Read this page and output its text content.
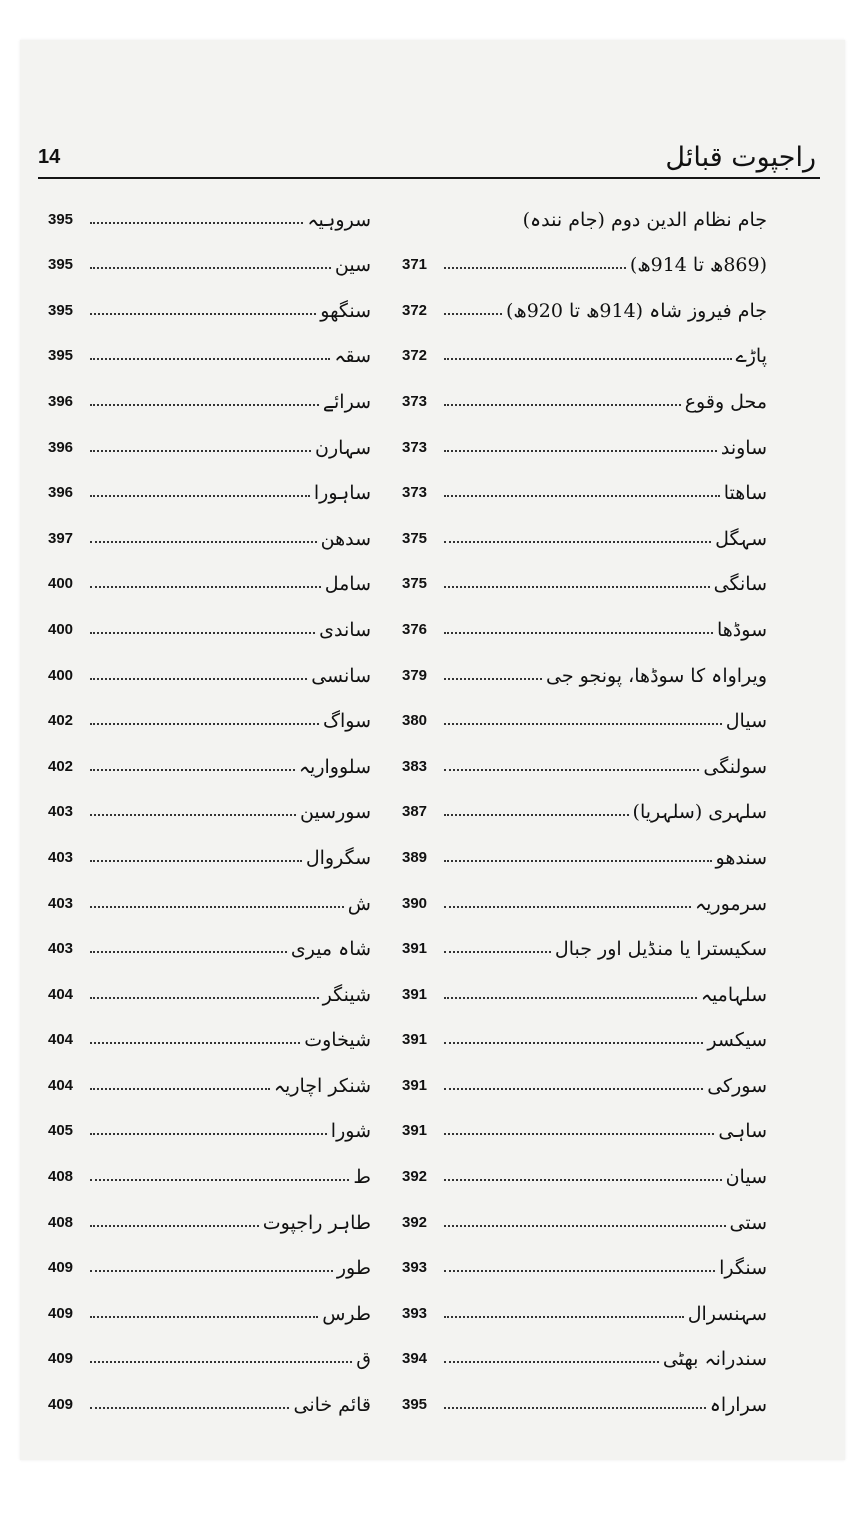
14	راجپوت قبائل
جام نظام الدین دوم (جام نندہ)
371	(869ھ تا 914ھ)
372	جام فیروز شاہ (914ھ تا 920ھ)
372	پاڑے
373	محل وقوع
373	ساوند
373	ساھتا
375	سہگل
375	سانگی
376	سوڈھا
379	ویراواہ کا سوڈھا، پونجو جی
380	سیال
383	سولنگی
387	سلہری (سلہریا)
389	سندھو
390	سرموریہ
391	سکیسترا یا منڈیل اور جبال
391	سلہامیہ
391	سیکسر
391	سورکی
391	ساہی
392	سیان
392	ستی
393	سنگرا
393	سہنسرال
394	سندرانہ بھٹی
395	سراراہ
395	سروہیہ
395	سین
395	سنگھو
395	سقہ
396	سرائے
396	سہارن
396	ساہورا
397	سدھن
400	سامل
400	ساندی
400	سانسی
402	سواگ
402	سلوواریہ
403	سورسین
403	سگروال
403	ش
403	شاہ میری
404	شینگر
404	شیخاوت
404	شنکر اچاریہ
405	شورا
408	ط
408	طاہر راجپوت
409	طور
409	طرس
409	ق
409	قائم خانی
